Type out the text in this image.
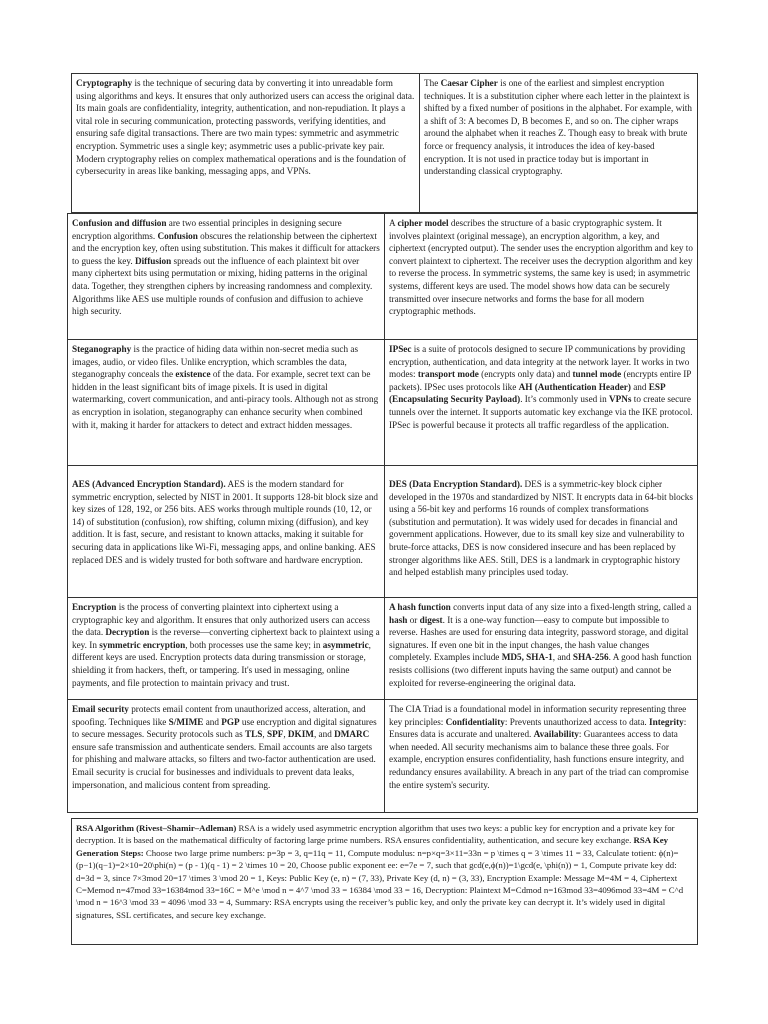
Cryptography is the technique of securing data by converting it into unreadable form using algorithms and keys. It ensures that only authorized users can access the original data. Its main goals are confidentiality, integrity, authentication, and non-repudiation. It plays a vital role in securing communication, protecting passwords, verifying identities, and ensuring safe digital transactions. There are two main types: symmetric and asymmetric encryption. Symmetric uses a single key; asymmetric uses a public-private key pair. Modern cryptography relies on complex mathematical operations and is the foundation of cybersecurity in areas like banking, messaging apps, and VPNs.
The Caesar Cipher is one of the earliest and simplest encryption techniques. It is a substitution cipher where each letter in the plaintext is shifted by a fixed number of positions in the alphabet. For example, with a shift of 3: A becomes D, B becomes E, and so on. The cipher wraps around the alphabet when it reaches Z. Though easy to break with brute force or frequency analysis, it introduces the idea of key-based encryption. It is not used in practice today but is important in understanding classical cryptography.
Confusion and diffusion are two essential principles in designing secure encryption algorithms. Confusion obscures the relationship between the ciphertext and the encryption key, often using substitution. This makes it difficult for attackers to guess the key. Diffusion spreads out the influence of each plaintext bit over many ciphertext bits using permutation or mixing, hiding patterns in the original data. Together, they strengthen ciphers by increasing randomness and complexity. Algorithms like AES use multiple rounds of confusion and diffusion to achieve high security.
A cipher model describes the structure of a basic cryptographic system. It involves plaintext (original message), an encryption algorithm, a key, and ciphertext (encrypted output). The sender uses the encryption algorithm and key to convert plaintext to ciphertext. The receiver uses the decryption algorithm and key to reverse the process. In symmetric systems, the same key is used; in asymmetric systems, different keys are used. The model shows how data can be securely transmitted over insecure networks and forms the base for all modern cryptographic methods.
Steganography is the practice of hiding data within non-secret media such as images, audio, or video files. Unlike encryption, which scrambles the data, steganography conceals the existence of the data. For example, secret text can be hidden in the least significant bits of image pixels. It is used in digital watermarking, covert communication, and anti-piracy tools. Although not as strong as encryption in isolation, steganography can enhance security when combined with it, making it harder for attackers to detect and extract hidden messages.
IPSec is a suite of protocols designed to secure IP communications by providing encryption, authentication, and data integrity at the network layer. It works in two modes: transport mode (encrypts only data) and tunnel mode (encrypts entire IP packets). IPSec uses protocols like AH (Authentication Header) and ESP (Encapsulating Security Payload). It’s commonly used in VPNs to create secure tunnels over the internet. It supports automatic key exchange via the IKE protocol. IPSec is powerful because it protects all traffic regardless of the application.
AES (Advanced Encryption Standard). AES is the modern standard for symmetric encryption, selected by NIST in 2001. It supports 128-bit block size and key sizes of 128, 192, or 256 bits. AES works through multiple rounds (10, 12, or 14) of substitution (confusion), row shifting, column mixing (diffusion), and key addition. It is fast, secure, and resistant to known attacks, making it suitable for securing data in applications like Wi-Fi, messaging apps, and online banking. AES replaced DES and is widely trusted for both software and hardware encryption.
DES (Data Encryption Standard). DES is a symmetric-key block cipher developed in the 1970s and standardized by NIST. It encrypts data in 64-bit blocks using a 56-bit key and performs 16 rounds of complex transformations (substitution and permutation). It was widely used for decades in financial and government applications. However, due to its small key size and vulnerability to brute-force attacks, DES is now considered insecure and has been replaced by stronger algorithms like AES. Still, DES is a landmark in cryptographic history and helped establish many principles used today.
Encryption is the process of converting plaintext into ciphertext using a cryptographic key and algorithm. It ensures that only authorized users can access the data. Decryption is the reverse—converting ciphertext back to plaintext using a key. In symmetric encryption, both processes use the same key; in asymmetric, different keys are used. Encryption protects data during transmission or storage, shielding it from hackers, theft, or tampering. It's used in messaging, online payments, and file protection to maintain privacy and trust.
A hash function converts input data of any size into a fixed-length string, called a hash or digest. It is a one-way function—easy to compute but impossible to reverse. Hashes are used for ensuring data integrity, password storage, and digital signatures. If even one bit in the input changes, the hash value changes completely. Examples include MD5, SHA-1, and SHA-256. A good hash function resists collisions (two different inputs having the same output) and cannot be exploited for reverse-engineering the original data.
Email security protects email content from unauthorized access, alteration, and spoofing. Techniques like S/MIME and PGP use encryption and digital signatures to secure messages. Security protocols such as TLS, SPF, DKIM, and DMARC ensure safe transmission and authenticate senders. Email accounts are also targets for phishing and malware attacks, so filters and two-factor authentication are used. Email security is crucial for businesses and individuals to prevent data leaks, impersonation, and malicious content from spreading.
The CIA Triad is a foundational model in information security representing three key principles: Confidentiality: Prevents unauthorized access to data. Integrity: Ensures data is accurate and unaltered. Availability: Guarantees access to data when needed. All security mechanisms aim to balance these three goals. For example, encryption ensures confidentiality, hash functions ensure integrity, and redundancy ensures availability. A breach in any part of the triad can compromise the entire system's security.
RSA Algorithm (Rivest–Shamir–Adleman) RSA is a widely used asymmetric encryption algorithm that uses two keys: a public key for encryption and a private key for decryption. It is based on the mathematical difficulty of factoring large prime numbers. RSA ensures confidentiality, authentication, and secure key exchange. RSA Key Generation Steps: Choose two large prime numbers: p=3p = 3, q=11q = 11, Compute modulus: n=p×q=3×11=33n = p \times q = 3 \times 11 = 33, Calculate totient: ϕ(n)=(p−1)(q−1)=2×10=20\phi(n) = (p - 1)(q - 1) = 2 \times 10 = 20, Choose public exponent ee: e=7e = 7, such that gcd(e,ϕ(n))=1\gcd(e, \phi(n)) = 1, Compute private key dd: d=3d = 3, since 7×3mod 20=17 \times 3 \mod 20 = 1, Keys: Public Key (e, n) = (7, 33), Private Key (d, n) = (3, 33), Encryption Example: Message M=4M = 4, Ciphertext C=Memod n=47mod 33=16384mod 33=16C = M^e \mod n = 4^7 \mod 33 = 16384 \mod 33 = 16, Decryption: Plaintext M=Cdmod n=163mod 33=4096mod 33=4M = C^d \mod n = 16^3 \mod 33 = 4096 \mod 33 = 4, Summary: RSA encrypts using the receiver’s public key, and only the private key can decrypt it. It’s widely used in digital signatures, SSL certificates, and secure key exchange.
